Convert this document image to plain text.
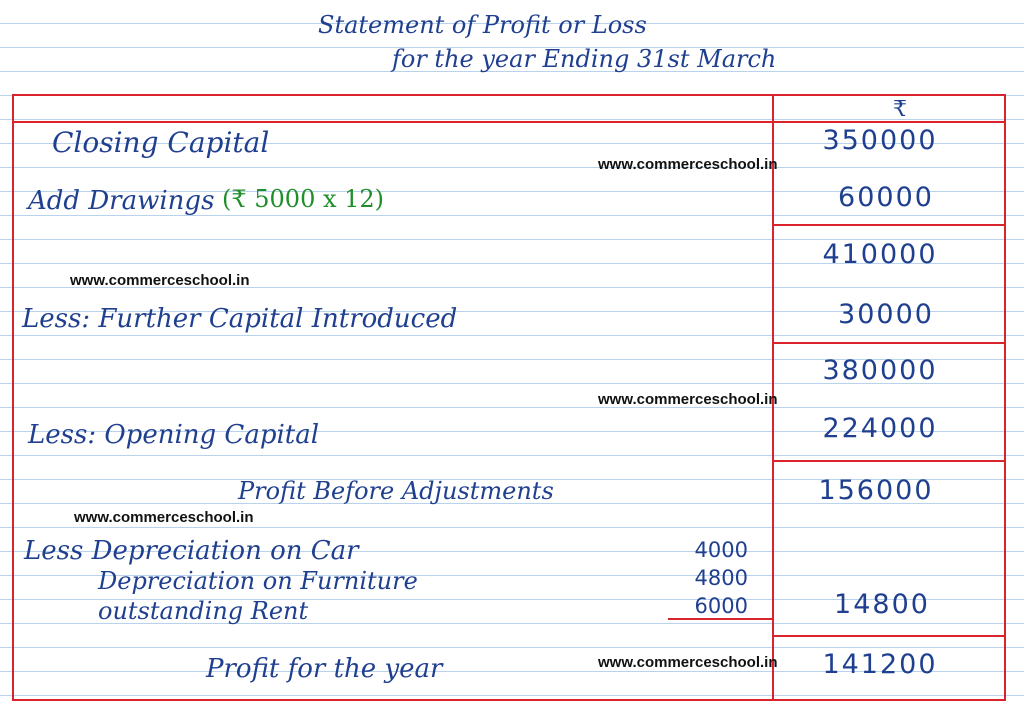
Statement of Profit or Loss
for the year Ending 31st March
₹
Closing Capital	350000
Add Drawings (₹ 5000 x 12)	60000
410000
Less: Further Capital Introduced	30000
380000
Less: Opening Capital	224000
Profit Before Adjustments	156000
Less Depreciation on Car	4000
Depreciation on Furniture	4800
outstanding Rent	6000	14800
Profit for the year	141200
www.commerceschool.in
www.commerceschool.in
www.commerceschool.in
www.commerceschool.in
www.commerceschool.in
